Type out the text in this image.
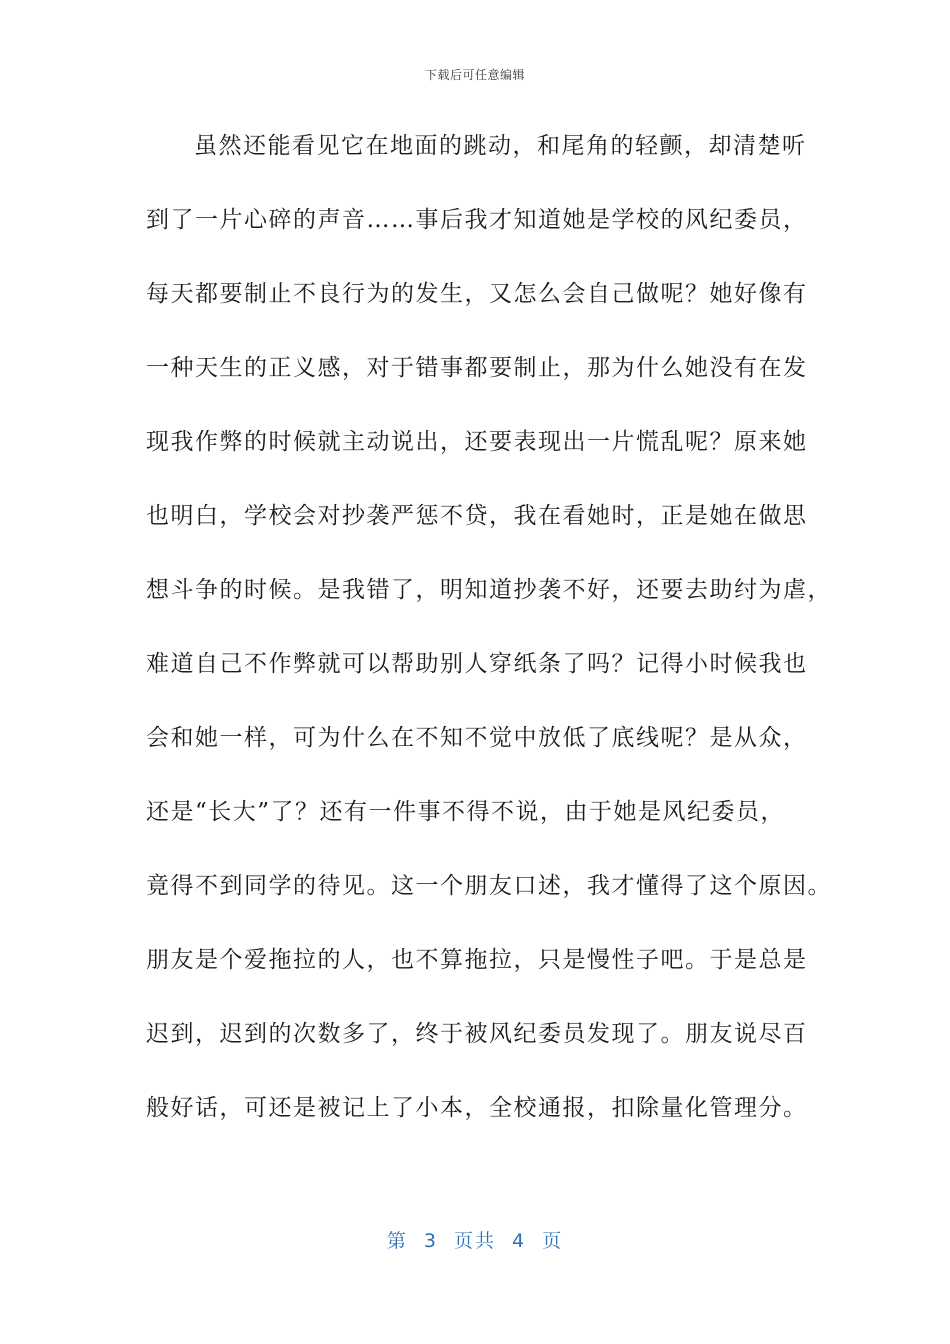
下载后可任意编辑
虽然还能看见它在地面的跳动，和尾角的轻颤，却清楚听
到了一片心碎的声音……事后我才知道她是学校的风纪委员，
每天都要制止不良行为的发生，又怎么会自己做呢？她好像有
一种天生的正义感，对于错事都要制止，那为什么她没有在发
现我作弊的时候就主动说出，还要表现出一片慌乱呢？原来她
也明白，学校会对抄袭严惩不贷，我在看她时，正是她在做思
想斗争的时候。是我错了，明知道抄袭不好，还要去助纣为虐，
难道自己不作弊就可以帮助别人穿纸条了吗？记得小时候我也
会和她一样，可为什么在不知不觉中放低了底线呢？是从众，
还是“长大”了？还有一件事不得不说，由于她是风纪委员，
竟得不到同学的待见。这一个朋友口述，我才懂得了这个原因。
朋友是个爱拖拉的人，也不算拖拉，只是慢性子吧。于是总是
迟到，迟到的次数多了，终于被风纪委员发现了。朋友说尽百
般好话，可还是被记上了小本，全校通报，扣除量化管理分。
第 3 页共 4 页
